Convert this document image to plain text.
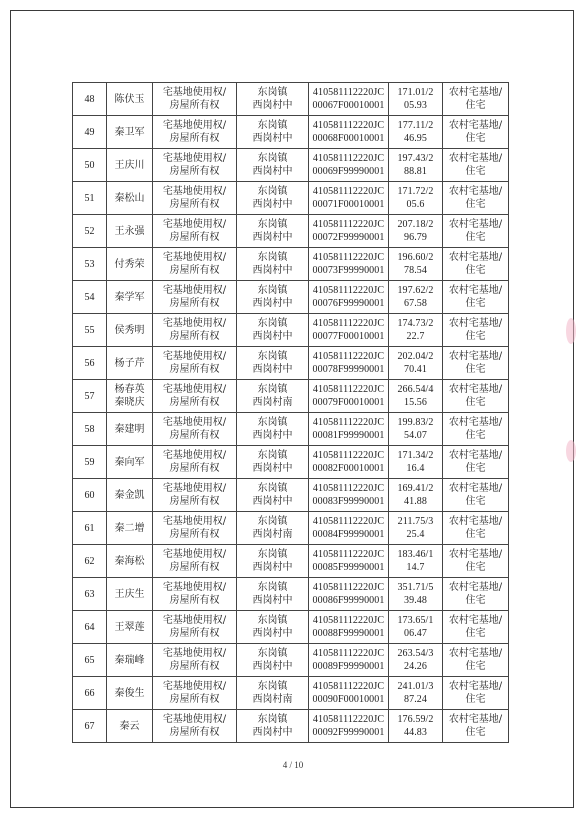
48	陈伏玉	宅基地使用权/
房屋所有权	东岗镇
西岗村中	410581112220JC
00067F00010001	171.01/2
05.93	农村宅基地/
住宅

49	秦卫军	宅基地使用权/
房屋所有权	东岗镇
西岗村中	410581112220JC
00068F00010001	177.11/2
46.95	农村宅基地/
住宅

50	王庆川	宅基地使用权/
房屋所有权	东岗镇
西岗村中	410581112220JC
00069F99990001	197.43/2
88.81	农村宅基地/
住宅

51	秦松山	宅基地使用权/
房屋所有权	东岗镇
西岗村中	410581112220JC
00071F00010001	171.72/2
05.6	农村宅基地/
住宅

52	王永强	宅基地使用权/
房屋所有权	东岗镇
西岗村中	410581112220JC
00072F99990001	207.18/2
96.79	农村宅基地/
住宅

53	付秀荣	宅基地使用权/
房屋所有权	东岗镇
西岗村中	410581112220JC
00073F99990001	196.60/2
78.54	农村宅基地/
住宅

54	秦学军	宅基地使用权/
房屋所有权	东岗镇
西岗村中	410581112220JC
00076F99990001	197.62/2
67.58	农村宅基地/
住宅

55	侯秀明	宅基地使用权/
房屋所有权	东岗镇
西岗村中	410581112220JC
00077F00010001	174.73/2
22.7	农村宅基地/
住宅

56	杨子芹	宅基地使用权/
房屋所有权	东岗镇
西岗村中	410581112220JC
00078F99990001	202.04/2
70.41	农村宅基地/
住宅

57	杨春英
秦晓庆	宅基地使用权/
房屋所有权	东岗镇
西岗村南	410581112220JC
00079F00010001	266.54/4
15.56	农村宅基地/
住宅

58	秦建明	宅基地使用权/
房屋所有权	东岗镇
西岗村中	410581112220JC
00081F99990001	199.83/2
54.07	农村宅基地/
住宅

59	秦向军	宅基地使用权/
房屋所有权	东岗镇
西岗村中	410581112220JC
00082F00010001	171.34/2
16.4	农村宅基地/
住宅

60	秦金凯	宅基地使用权/
房屋所有权	东岗镇
西岗村中	410581112220JC
00083F99990001	169.41/2
41.88	农村宅基地/
住宅

61	秦二增	宅基地使用权/
房屋所有权	东岗镇
西岗村南	410581112220JC
00084F99990001	211.75/3
25.4	农村宅基地/
住宅

62	秦海松	宅基地使用权/
房屋所有权	东岗镇
西岗村中	410581112220JC
00085F99990001	183.46/1
14.7	农村宅基地/
住宅

63	王庆生	宅基地使用权/
房屋所有权	东岗镇
西岗村中	410581112220JC
00086F99990001	351.71/5
39.48	农村宅基地/
住宅

64	王翠莲	宅基地使用权/
房屋所有权	东岗镇
西岗村中	410581112220JC
00088F99990001	173.65/1
06.47	农村宅基地/
住宅

65	秦瑞峰	宅基地使用权/
房屋所有权	东岗镇
西岗村中	410581112220JC
00089F99990001	263.54/3
24.26	农村宅基地/
住宅

66	秦俊生	宅基地使用权/
房屋所有权	东岗镇
西岗村南	410581112220JC
00090F00010001	241.01/3
87.24	农村宅基地/
住宅

67	秦云	宅基地使用权/
房屋所有权	东岗镇
西岗村中	410581112220JC
00092F99990001	176.59/2
44.83	农村宅基地/
住宅
4 / 10
